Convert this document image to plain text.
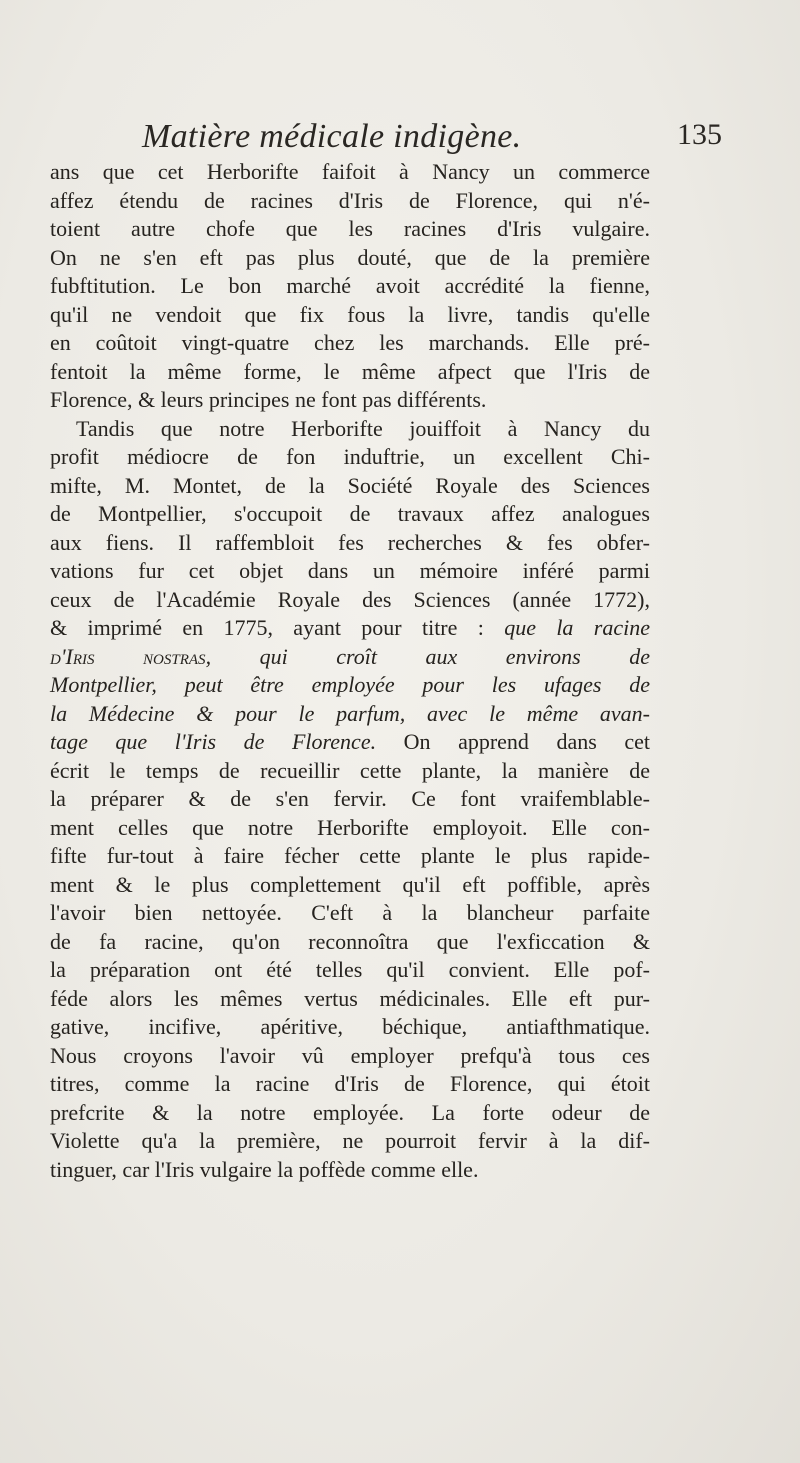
Matière médicale indigène.	135
ans que cet Herborifte faifoit à Nancy un commerce
affez étendu de racines d'Iris de Florence, qui n'é-
toient autre chofe que les racines d'Iris vulgaire.
On ne s'en eft pas plus douté, que de la première
fubftitution. Le bon marché avoit accrédité la fienne,
qu'il ne vendoit que fix fous la livre, tandis qu'elle
en coûtoit vingt-quatre chez les marchands. Elle pré-
fentoit la même forme, le même afpect que l'Iris de
Florence, & leurs principes ne font pas différents.
Tandis que notre Herborifte jouiffoit à Nancy du
profit médiocre de fon induftrie, un excellent Chi-
mifte, M. Montet, de la Société Royale des Sciences
de Montpellier, s'occupoit de travaux affez analogues
aux fiens. Il raffembloit fes recherches & fes obfer-
vations fur cet objet dans un mémoire inféré parmi
ceux de l'Académie Royale des Sciences (année 1772),
& imprimé en 1775, ayant pour titre : que la racine
d'Iris nostras, qui croît aux environs de
Montpellier, peut être employée pour les ufages de
la Médecine & pour le parfum, avec le même avan-
tage que l'Iris de Florence. On apprend dans cet
écrit le temps de recueillir cette plante, la manière de
la préparer & de s'en fervir. Ce font vraifemblable-
ment celles que notre Herborifte employoit. Elle con-
fifte fur-tout à faire fécher cette plante le plus rapide-
ment & le plus complettement qu'il eft poffible, après
l'avoir bien nettoyée. C'eft à la blancheur parfaite
de fa racine, qu'on reconnoîtra que l'exficcation &
la préparation ont été telles qu'il convient. Elle pof-
féde alors les mêmes vertus médicinales. Elle eft pur-
gative, incifive, apéritive, béchique, antiafthmatique.
Nous croyons l'avoir vû employer prefqu'à tous ces
titres, comme la racine d'Iris de Florence, qui étoit
prefcrite & la notre employée. La forte odeur de
Violette qu'a la première, ne pourroit fervir à la dif-
tinguer, car l'Iris vulgaire la poffède comme elle.
